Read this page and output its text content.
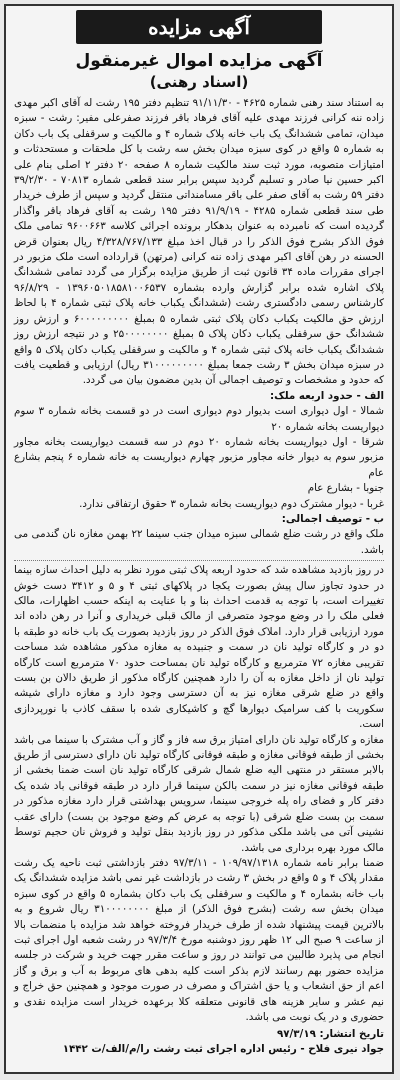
آگهی مزایده
آگهی مزایده اموال غیرمنقول
(اسناد رهنی)

به استناد سند رهنی شماره ۴۶۲۵ - ۹۱/۱۱/۳۰ تنظیم دفتر ۱۹۵ رشت له آقای اکبر مهدی زاده ننه کرانی فرزند مهدی علیه آقای فرهاد باقر فرزند صفرعلی مفیر: رشت - سبزه میدان، تمامی ششدانگ یک باب خانه پلاک شماره ۴ و مالکیت و سرقفلی یک باب دکان به شماره ۵ واقع در کوی سبزه میدان بخش سه رشت با کل ملحقات و مستحدثات و امتیازات متصوبه، مورد ثبت سند مالکیت شماره ۸ صفحه ۲۰ دفتر ۲ اصلی بنام علی اکبر حسین نیا صادر و تسلیم گردید سپس برابر سند قطعی شماره ۷۰۸۱۳ - ۳۹/۲/۳۰ دفتر ۵۹ رشت به آقای صفر علی باقر مسامنداتی منتقل گردید و سپس از طرف خریدار طی سند قطعی شماره ۴۲۸۵ - ۹۱/۹/۱۹ دفتر ۱۹۵ رشت به آقای فرهاد باقر واگذار گردیده است که نامبرده به عنوان بدهکار برونده اجرائی کلاسه ۹۶۰۰۶۶۳ تمامی ملک فوق الذکر بشرح فوق الذکر را در قبال اخذ مبلغ ۴/۳۲۸/۷۶۷/۱۳۳ ریال بعنوان قرض الحسنه در رهن آقای اکبر مهدی زاده ننه کرانی (مرتهن) قرارداده است ملک مزبور در اجرای مقررات ماده ۳۴ قانون ثبت از طریق مزایده برگزار می گردد تمامی ششدانگ پلاک اشاره شده برابر گزارش وارده بشماره ۱۳۹۶۰۵۰۱۸۵۸۱۰۰۶۵۳۷ - ۹۶/۸/۲۹ کارشناس رسمی دادگستری رشت (ششدانگ یکباب خانه پلاک ثبتی شماره ۴ با لحاظ ارزش حق مالکیت یکباب دکان پلاک ثبتی شماره ۵ بمبلغ ۶۰۰۰۰۰۰۰۰۰ و ارزش روز ششدانگ حق سرقفلی یکباب دکان پلاک ۵ بمبلغ ۲۵۰۰۰۰۰۰۰۰ و در نتیجه ارزش روز ششدانگ یکباب خانه پلاک ثبتی شماره ۴ و مالکیت و سرقفلی یکباب دکان پلاک ۵ واقع در سبزه میدان بخش ۳ رشت جمعا بمبلغ ۳۱۰۰۰۰۰۰۰۰۰ ریال) ارزیابی و قطعیت یافت که حدود و مشخصات و توصیف اجمالی آن بدین مضمون بیان می گردد.

الف - حدود اربعه ملک:

شمالا - اول دیواری است بدیوار دوم دیواری است در دو قسمت بخانه شماره ۳ سوم دیواریست بخانه شماره ۲۰

شرقا - اول دیواریست بخانه شماره ۲۰ دوم در سه قسمت دیواریست بخانه مجاور مزبور سوم به دیوار خانه مجاور مزبور چهارم دیواریست به خانه شماره ۶ پنجم بشارع عام

جنوبا - بشارع عام

غربا - دیوار مشترک دوم دیواریست بخانه شماره ۳ حقوق ارتفاقی ندارد.

ب - توصیف اجمالی:

ملک واقع در رشت ضلع شمالی سبزه میدان جنب سینما ۲۲ بهمن مغازه نان گندمی می باشد.

در روز بازدید مشاهده شد که حدود اربعه پلاک ثبتی مورد نظر به دلیل احداث سازه بینما در حدود تجاوز سال پیش بصورت یکجا در پلاکهای ثبتی ۴ و ۵ و ۳۴۱۲ دست خوش تغییرات است، با توجه به قدمت احداث بنا و با عنایت به اینکه حسب اظهارات، مالک فعلی ملک را در وضع موجود متصرفی از مالک قبلی خریداری و آنرا در رهن داده اند مورد ارزیابی قرار دارد. املاک فوق الذکر در روز بازدید بصورت یک باب خانه دو طبقه با دو در و کارگاه تولید نان در سمت و جنبیده به مغازه مذکور مشاهده شد مساحت تقریبی مغازه ۷۲ مترمربع و کارگاه تولید نان بمساحت حدود ۷۰ مترمربع است کارگاه تولید نان از داخل مغازه به آن را دارد همچنین کارگاه مذکور از طریق دالان بن بست واقع در ضلع شرقی مغازه نیز به آن دسترسی وجود دارد و مغازه دارای شیشه سکوریت با کف سرامیک دیوارها گچ و کاشیکاری شده با سقف کاذب با نورپردازی است.

مغازه و کارگاه تولید نان دارای امتیاز برق سه فاز و گاز و آب مشترک با سینما می باشد بخشی از طبقه فوقانی مغازه و طبقه فوقانی کارگاه تولید نان دارای دسترسی از طریق بالابر مستقر در منتهی الیه ضلع شمال شرقی کارگاه تولید نان است ضمنا بخشی از طبقه فوقانی مغازه نیز در سمت بالکن سینما قرار دارد در طبقه فوقانی باد شده یک دفتر کار و فضای راه پله خروجی سینما، سرویس بهداشتی قرار دارد مغازه مذکور در سمت بن بست ضلع شرقی (با توجه به عرض کم وضع موجود بن بست) دارای عقب نشینی آتی می باشد ملکی مذکور در روز بازدید بنقل تولید و فروش نان حجیم توسط مالک مورد بهره برداری می باشد.

ضمنا برابر نامه شماره ۱۰۹/۹۷/۱۳۱۸ - ۹۷/۳/۱۱ دفتر بازداشتی ثبت ناحیه یک رشت مقدار پلاک ۴ و ۵ واقع در بخش ۳ رشت در بازداشت غیر نمی باشد مزایده ششدانگ یک باب خانه بشماره ۴ و مالکیت و سرقفلی یک باب دکان بشماره ۵ واقع در کوی سبزه میدان بخش سه رشت (بشرح فوق الذکر) از مبلغ ۳۱۰۰۰۰۰۰۰۰ ریال شروع و به بالاترین قیمت پیشنهاد شده از طرف خریدار فروخته خواهد شد مزایده با منضمات بالا از ساعت ۹ صبح الی ۱۲ ظهر روز دوشنبه مورخ ۹۷/۳/۴ در رشت شعبه اول اجرای ثبت انجام می پذیرد طالبین می توانند در روز و ساعت مقرر جهت خرید و شرکت در جلسه مزایده حضور بهم رسانند لازم بذکر است کلیه بدهی های مربوط به آب و برق و گاز اعم از حق انشعاب و یا حق اشتراک و مصرف در صورت موجود و همچنین حق خراج و نیم عشر و سایر هزینه های قانونی متعلقه کلا برعهده خریدار است مزایده نقدی و حضوری و در یک نوبت می باشد.

تاریخ انتشار: ۹۷/۳/۱۹
جواد نیری فلاح - رئیس اداره اجرای ثبت رشت را/م/الف/ت ۱۴۴۲
